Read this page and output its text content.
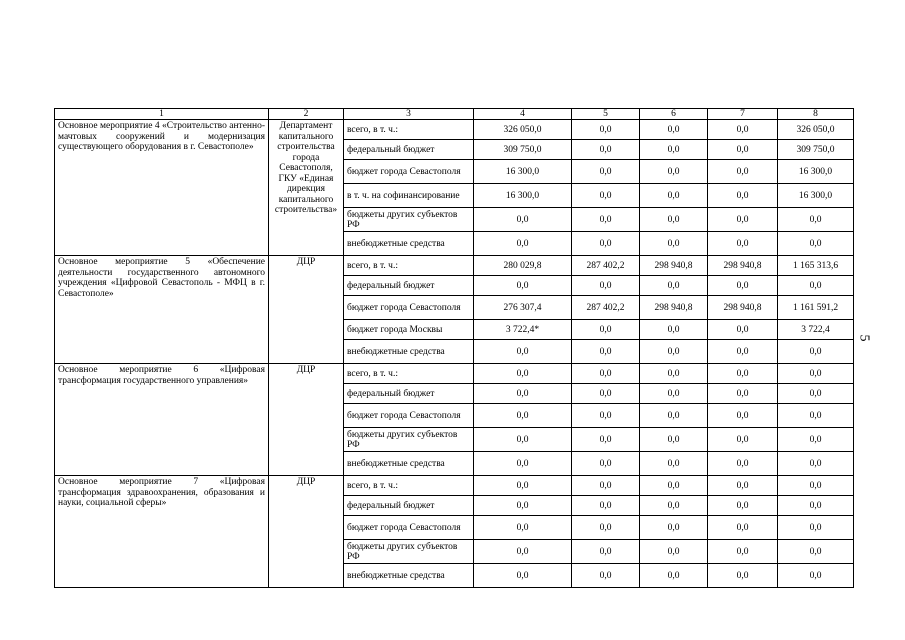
1	2	3	4	5	6	7	8
Основное мероприятие 4 «Строительство антенно-мачтовых сооружений и модернизация существующего оборудования в г. Севастополе»	Департамент капитального строительства города Севастополя, ГКУ «Единая дирекция капитального строительства»	всего, в т. ч.:	326 050,0	0,0	0,0	0,0	326 050,0
		федеральный бюджет	309 750,0	0,0	0,0	0,0	309 750,0
		бюджет города Севастополя	16 300,0	0,0	0,0	0,0	16 300,0
		в т. ч. на софинансирование	16 300,0	0,0	0,0	0,0	16 300,0
		бюджеты других субъектов РФ	0,0	0,0	0,0	0,0	0,0
		внебюджетные средства	0,0	0,0	0,0	0,0	0,0
Основное мероприятие 5 «Обеспечение деятельности государственного автономного учреждения «Цифровой Севастополь - МФЦ в г. Севастополе»	ДЦР	всего, в т. ч.:	280 029,8	287 402,2	298 940,8	298 940,8	1 165 313,6
		федеральный бюджет	0,0	0,0	0,0	0,0	0,0
		бюджет города Севастополя	276 307,4	287 402,2	298 940,8	298 940,8	1 161 591,2
		бюджет города Москвы	3 722,4*	0,0	0,0	0,0	3 722,4
		внебюджетные средства	0,0	0,0	0,0	0,0	0,0
Основное мероприятие 6 «Цифровая трансформация государственного управления»	ДЦР	всего, в т. ч.:	0,0	0,0	0,0	0,0	0,0
		федеральный бюджет	0,0	0,0	0,0	0,0	0,0
		бюджет города Севастополя	0,0	0,0	0,0	0,0	0,0
		бюджеты других субъектов РФ	0,0	0,0	0,0	0,0	0,0
		внебюджетные средства	0,0	0,0	0,0	0,0	0,0
Основное мероприятие 7 «Цифровая трансформация здравоохранения, образования и науки, социальной сферы»	ДЦР	всего, в т. ч.:	0,0	0,0	0,0	0,0	0,0
		федеральный бюджет	0,0	0,0	0,0	0,0	0,0
		бюджет города Севастополя	0,0	0,0	0,0	0,0	0,0
		бюджеты других субъектов РФ	0,0	0,0	0,0	0,0	0,0
		внебюджетные средства	0,0	0,0	0,0	0,0	0,0
5
